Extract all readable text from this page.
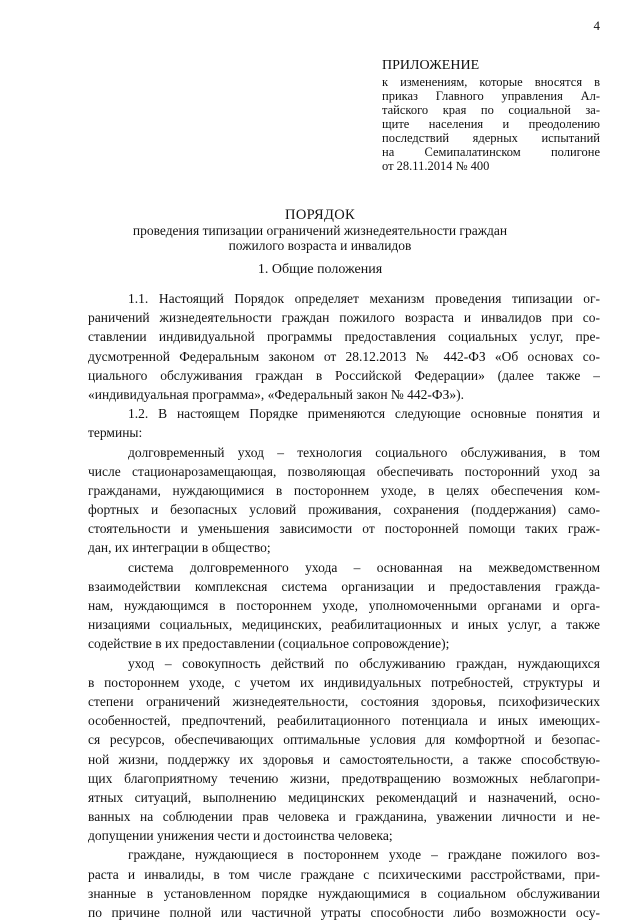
4
ПРИЛОЖЕНИЕ
к изменениям, которые вносятся в
приказ Главного управления Ал-
тайского края по социальной за-
щите населения и преодолению
последствий ядерных испытаний
на Семипалатинском полигоне
от 28.11.2014 № 400
ПОРЯДОК
проведения типизации ограничений жизнедеятельности граждан
пожилого возраста и инвалидов
1. Общие положения
1.1. Настоящий Порядок определяет механизм проведения типизации ог-
раничений жизнедеятельности граждан пожилого возраста и инвалидов при со-
ставлении индивидуальной программы предоставления социальных услуг, пре-
дусмотренной Федеральным законом от 28.12.2013 № 442-ФЗ «Об основах со-
циального обслуживания граждан в Российской Федерации» (далее также –
«индивидуальная программа», «Федеральный закон № 442-ФЗ»).
1.2. В настоящем Порядке применяются следующие основные понятия и
термины:
долговременный уход – технология социального обслуживания, в том
числе стационарозамещающая, позволяющая обеспечивать посторонний уход за
гражданами, нуждающимися в постороннем уходе, в целях обеспечения ком-
фортных и безопасных условий проживания, сохранения (поддержания) само-
стоятельности и уменьшения зависимости от посторонней помощи таких граж-
дан, их интеграции в общество;
система долговременного ухода – основанная на межведомственном
взаимодействии комплексная система организации и предоставления гражда-
нам, нуждающимся в постороннем уходе, уполномоченными органами и орга-
низациями социальных, медицинских, реабилитационных и иных услуг, а также
содействие в их предоставлении (социальное сопровождение);
уход – совокупность действий по обслуживанию граждан, нуждающихся
в постороннем уходе, с учетом их индивидуальных потребностей, структуры и
степени ограничений жизнедеятельности, состояния здоровья, психофизических
особенностей, предпочтений, реабилитационного потенциала и иных имеющих-
ся ресурсов, обеспечивающих оптимальные условия для комфортной и безопас-
ной жизни, поддержку их здоровья и самостоятельности, а также способствую-
щих благоприятному течению жизни, предотвращению возможных неблагопри-
ятных ситуаций, выполнению медицинских рекомендаций и назначений, осно-
ванных на соблюдении прав человека и гражданина, уважении личности и не-
допущении унижения чести и достоинства человека;
граждане, нуждающиеся в постороннем уходе – граждане пожилого воз-
раста и инвалиды, в том числе граждане с психическими расстройствами, при-
знанные в установленном порядке нуждающимися в социальном обслуживании
по причине полной или частичной утраты способности либо возможности осу-
